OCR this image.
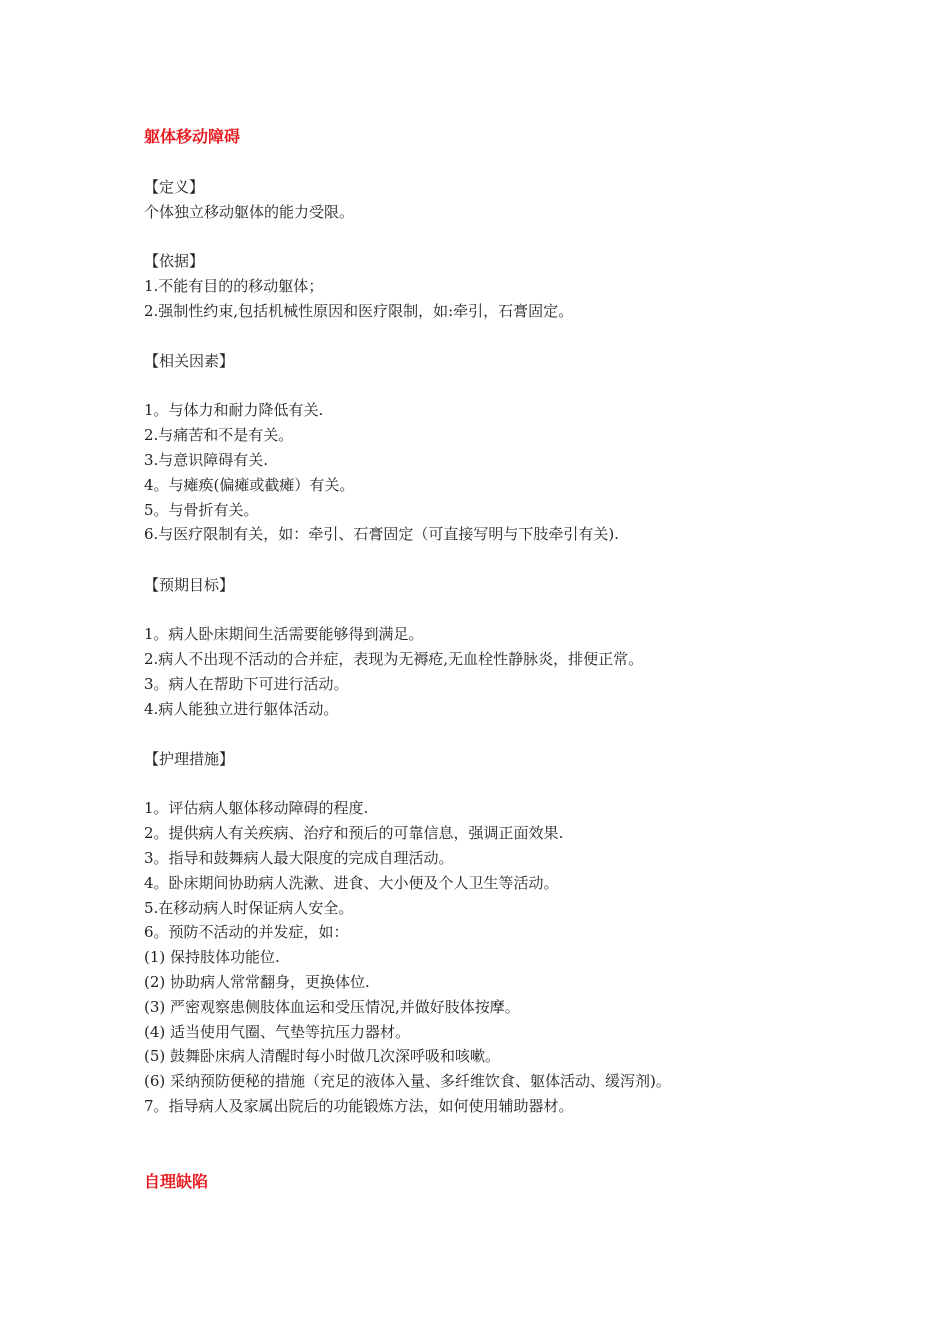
躯体移动障碍
【定义】
个体独立移动躯体的能力受限。
【依据】
1.不能有目的的移动躯体；
2.强制性约束,包括机械性原因和医疗限制，如:牵引，石膏固定。
【相关因素】
1。与体力和耐力降低有关.
2.与痛苦和不是有关。
3.与意识障碍有关.
4。与瘫痪(偏瘫或截瘫）有关。
5。与骨折有关。
6.与医疗限制有关，如：牵引、石膏固定（可直接写明与下肢牵引有关).
【预期目标】
1。病人卧床期间生活需要能够得到满足。
2.病人不出现不活动的合并症，表现为无褥疮,无血栓性静脉炎，排便正常。
3。病人在帮助下可进行活动。
4.病人能独立进行躯体活动。
【护理措施】
1。评估病人躯体移动障碍的程度.
2。提供病人有关疾病、治疗和预后的可靠信息，强调正面效果.
3。指导和鼓舞病人最大限度的完成自理活动。
4。卧床期间协助病人洗漱、进食、大小便及个人卫生等活动。
5.在移动病人时保证病人安全。
6。预防不活动的并发症，如：
(1) 保持肢体功能位.
(2) 协助病人常常翻身，更换体位.
(3) 严密观察患侧肢体血运和受压情况,并做好肢体按摩。
(4) 适当使用气圈、气垫等抗压力器材。
(5) 鼓舞卧床病人清醒时每小时做几次深呼吸和咳嗽。
(6) 采纳预防便秘的措施（充足的液体入量、多纤维饮食、躯体活动、缓泻剂)。
7。指导病人及家属出院后的功能锻炼方法，如何使用辅助器材。
自理缺陷
